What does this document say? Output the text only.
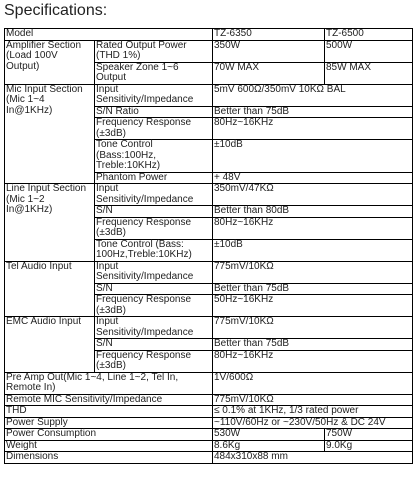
Specifications:
Model		TZ-6350	TZ-6500
Amplifier Section (Load 100V Output)	Rated Output Power (THD 1%)	350W	500W
	Speaker Zone 1~6 Output	70W MAX	85W MAX
Mic Input Section (Mic 1~4 In@1KHz)	Input Sensitivity/Impedance	5mV 600Ω/350mV 10KΩ BAL	
	S/N Ratio	Better than 75dB	
	Frequency Response (±3dB)	80Hz~16KHz	
	Tone Control (Bass:100Hz, Treble:10KHz)	±10dB	
	Phantom Power	+ 48V	
Line Input Section (Mic 1~2 In@1KHz)	Input Sensitivity/Impedance	350mV/47KΩ	
	S/N	Better than 80dB	
	Frequency Response (±3dB)	80Hz~16KHz	
	Tone Control (Bass: 100Hz,Treble:10KHz)	±10dB	
Tel Audio Input	Input Sensitivity/Impedance	775mV/10KΩ	
	S/N	Better than 75dB	
	Frequency Response (±3dB)	50Hz~16KHz	
EMC Audio Input	Input Sensitivity/Impedance	775mV/10KΩ	
	S/N	Better than 75dB	
	Frequency Response (±3dB)	80Hz~16KHz	
Pre Amp Out(Mic 1~4, Line 1~2, Tel In, Remote In)		1V/600Ω	
Remote MIC Sensitivity/Impedance		775mV/10KΩ	
THD		≤ 0.1% at 1KHz, 1/3 rated power	
Power Supply		~110V/60Hz or ~230V/50Hz & DC 24V	
Power Consumption		530W	750W
Weight		8.6Kg	9.0Kg
Dimensions		484x310x88 mm	
